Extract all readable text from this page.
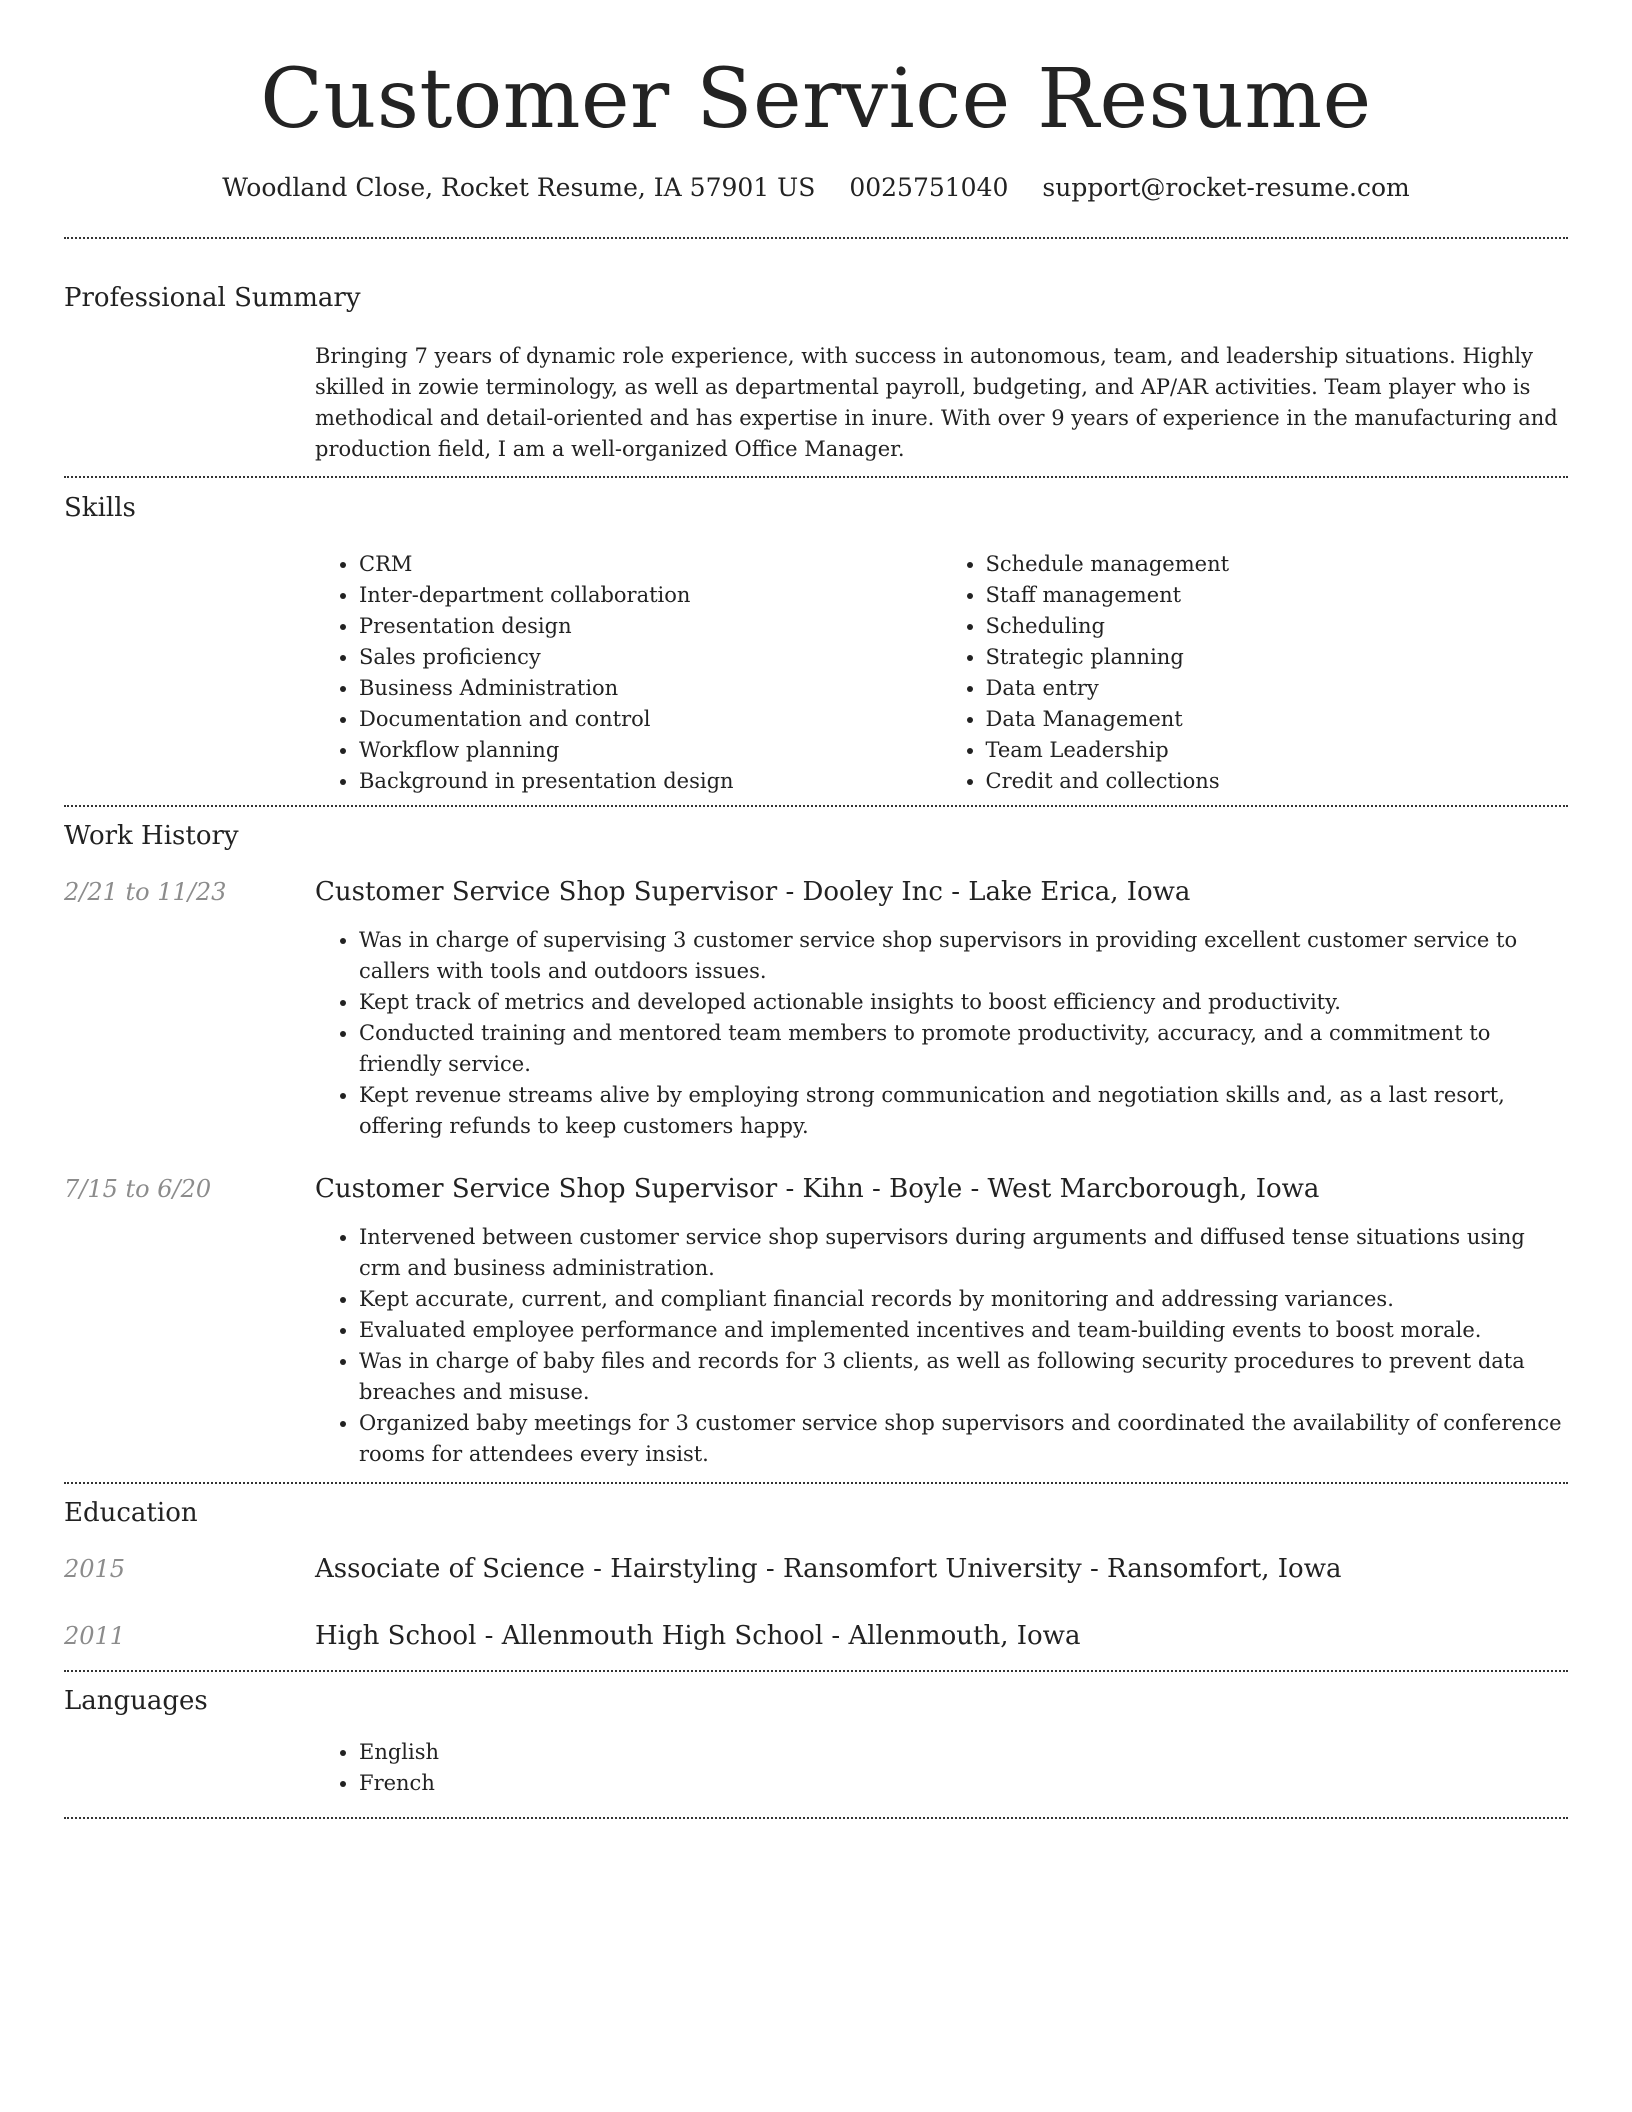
Customer Service Resume
Woodland Close, Rocket Resume, IA 57901 US 0025751040 support@rocket-resume.com
Professional Summary
Bringing 7 years of dynamic role experience, with success in autonomous, team, and leadership situations. Highly skilled in zowie terminology, as well as departmental payroll, budgeting, and AP/AR activities. Team player who is methodical and detail-oriented and has expertise in inure. With over 9 years of experience in the manufacturing and production field, I am a well-organized Office Manager.
Skills
• CRM
• Inter-department collaboration
• Presentation design
• Sales proficiency
• Business Administration
• Documentation and control
• Workflow planning
• Background in presentation design
• Schedule management
• Staff management
• Scheduling
• Strategic planning
• Data entry
• Data Management
• Team Leadership
• Credit and collections
Work History
2/21 to 11/23	Customer Service Shop Supervisor - Dooley Inc - Lake Erica, Iowa
• Was in charge of supervising 3 customer service shop supervisors in providing excellent customer service to callers with tools and outdoors issues.
• Kept track of metrics and developed actionable insights to boost efficiency and productivity.
• Conducted training and mentored team members to promote productivity, accuracy, and a commitment to friendly service.
• Kept revenue streams alive by employing strong communication and negotiation skills and, as a last resort, offering refunds to keep customers happy.
7/15 to 6/20	Customer Service Shop Supervisor - Kihn - Boyle - West Marcborough, Iowa
• Intervened between customer service shop supervisors during arguments and diffused tense situations using crm and business administration.
• Kept accurate, current, and compliant financial records by monitoring and addressing variances.
• Evaluated employee performance and implemented incentives and team-building events to boost morale.
• Was in charge of baby files and records for 3 clients, as well as following security procedures to prevent data breaches and misuse.
• Organized baby meetings for 3 customer service shop supervisors and coordinated the availability of conference rooms for attendees every insist.
Education
2015	Associate of Science - Hairstyling - Ransomfort University - Ransomfort, Iowa
2011	High School - Allenmouth High School - Allenmouth, Iowa
Languages
• English
• French
